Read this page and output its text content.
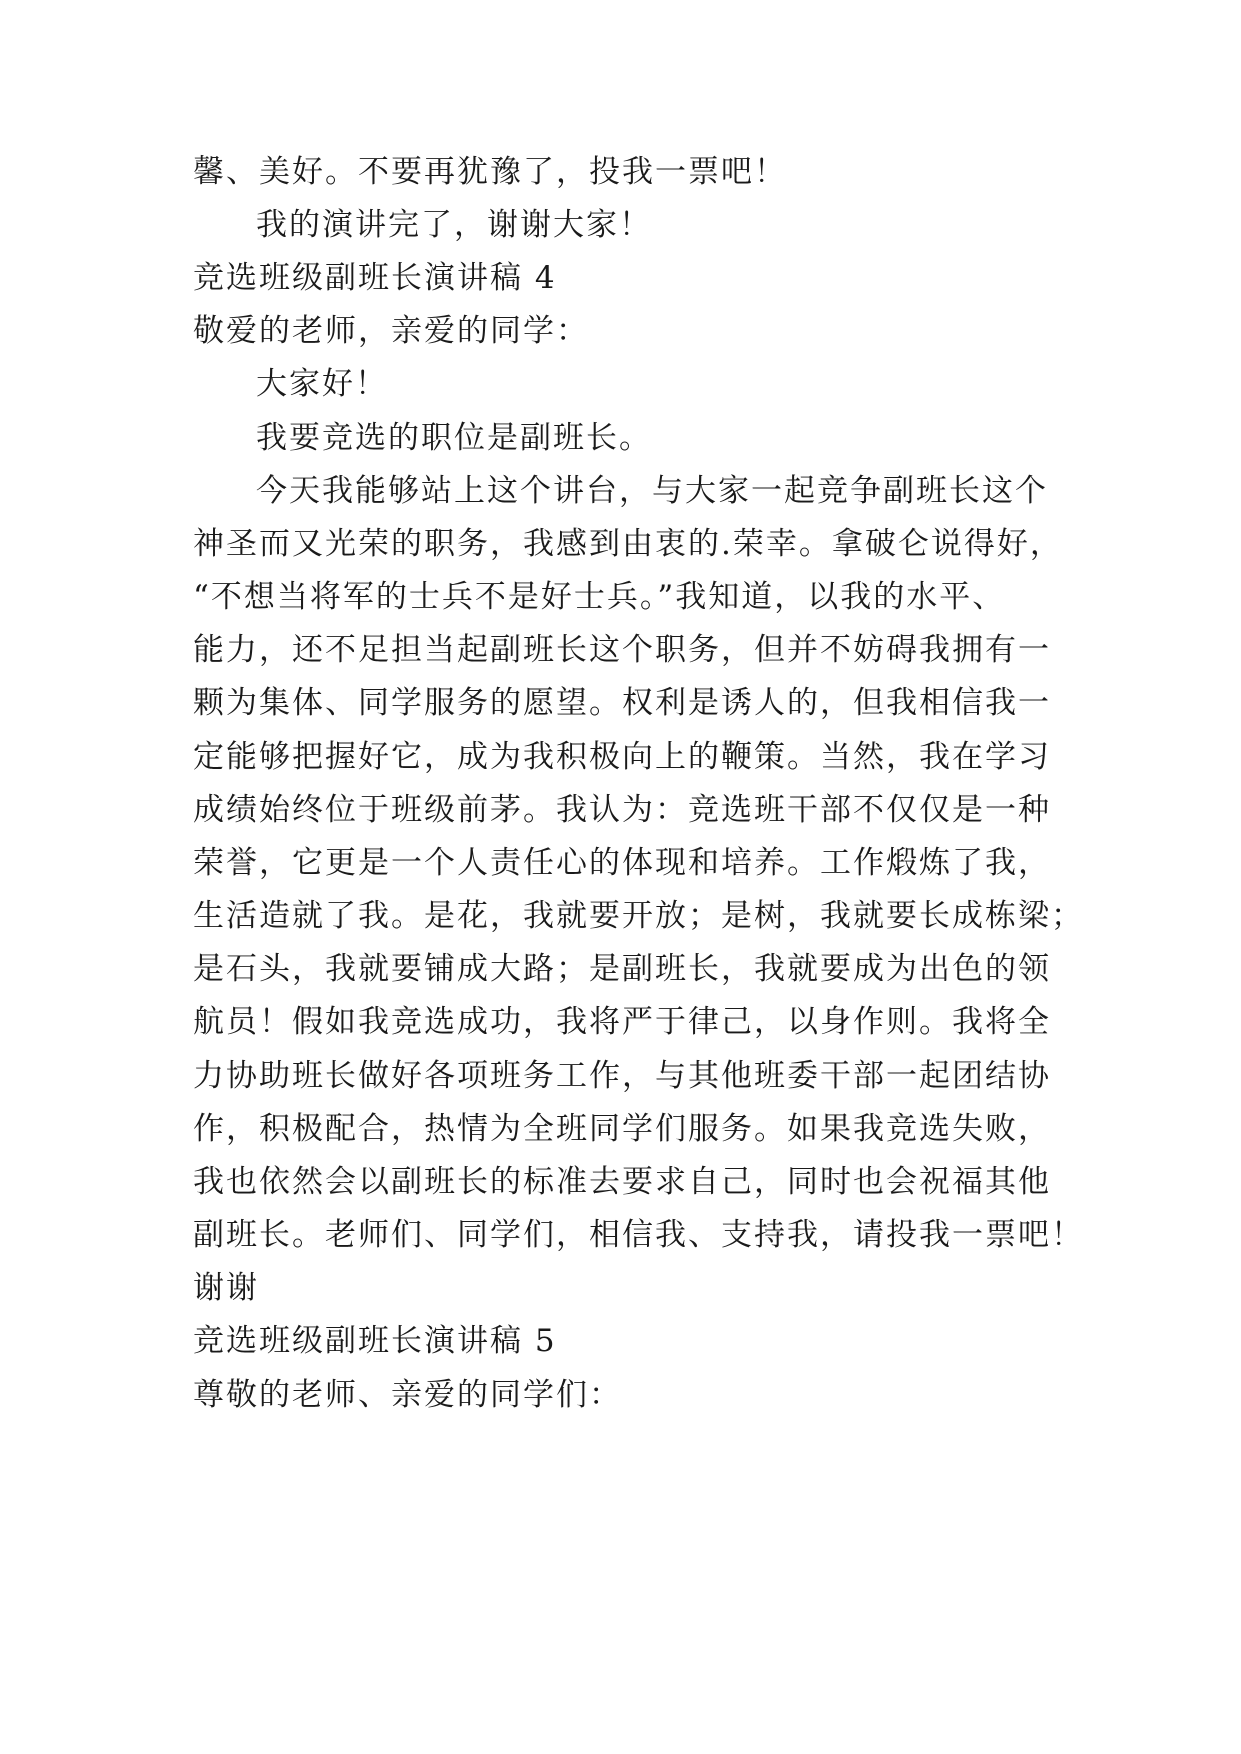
馨、美好。不要再犹豫了，投我一票吧！
我的演讲完了，谢谢大家！
竞选班级副班长演讲稿 4
敬爱的老师，亲爱的同学：
大家好！
我要竞选的职位是副班长。
今天我能够站上这个讲台，与大家一起竞争副班长这个
神圣而又光荣的职务，我感到由衷的.荣幸。拿破仑说得好，
“不想当将军的士兵不是好士兵。”我知道，以我的水平、
能力，还不足担当起副班长这个职务，但并不妨碍我拥有一
颗为集体、同学服务的愿望。权利是诱人的，但我相信我一
定能够把握好它，成为我积极向上的鞭策。当然，我在学习
成绩始终位于班级前茅。我认为：竞选班干部不仅仅是一种
荣誉，它更是一个人责任心的体现和培养。工作煅炼了我，
生活造就了我。是花，我就要开放；是树，我就要长成栋梁；
是石头，我就要铺成大路；是副班长，我就要成为出色的领
航员！假如我竞选成功，我将严于律己，以身作则。我将全
力协助班长做好各项班务工作，与其他班委干部一起团结协
作，积极配合，热情为全班同学们服务。如果我竞选失败，
我也依然会以副班长的标准去要求自己，同时也会祝福其他
副班长。老师们、同学们，相信我、支持我，请投我一票吧！
谢谢
竞选班级副班长演讲稿 5
尊敬的老师、亲爱的同学们：
